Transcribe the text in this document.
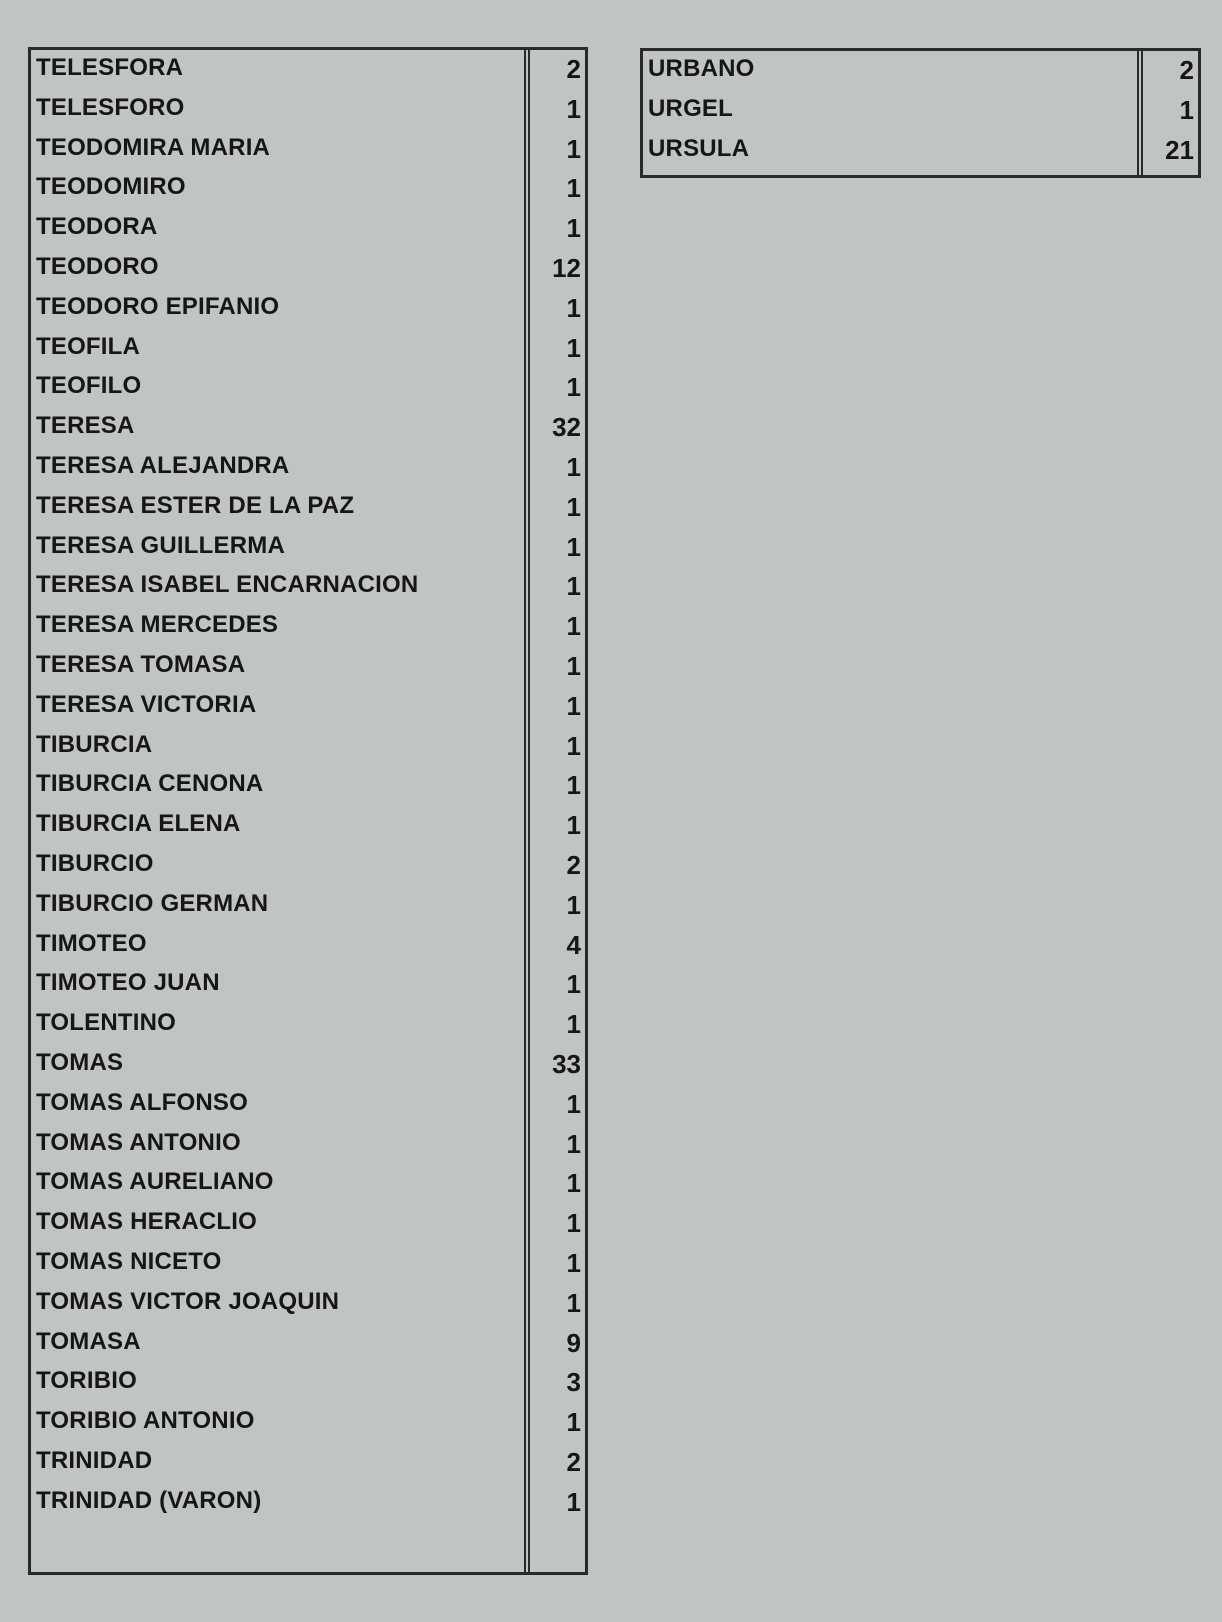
TELESFORA	2
TELESFORO	1
TEODOMIRA MARIA	1
TEODOMIRO	1
TEODORA	1
TEODORO	12
TEODORO EPIFANIO	1
TEOFILA	1
TEOFILO	1
TERESA	32
TERESA ALEJANDRA	1
TERESA ESTER DE LA PAZ	1
TERESA GUILLERMA	1
TERESA ISABEL ENCARNACION	1
TERESA MERCEDES	1
TERESA TOMASA	1
TERESA VICTORIA	1
TIBURCIA	1
TIBURCIA CENONA	1
TIBURCIA ELENA	1
TIBURCIO	2
TIBURCIO GERMAN	1
TIMOTEO	4
TIMOTEO JUAN	1
TOLENTINO	1
TOMAS	33
TOMAS ALFONSO	1
TOMAS ANTONIO	1
TOMAS AURELIANO	1
TOMAS HERACLIO	1
TOMAS NICETO	1
TOMAS VICTOR JOAQUIN	1
TOMASA	9
TORIBIO	3
TORIBIO ANTONIO	1
TRINIDAD	2
TRINIDAD (VARON)	1
URBANO	2
URGEL	1
URSULA	21
